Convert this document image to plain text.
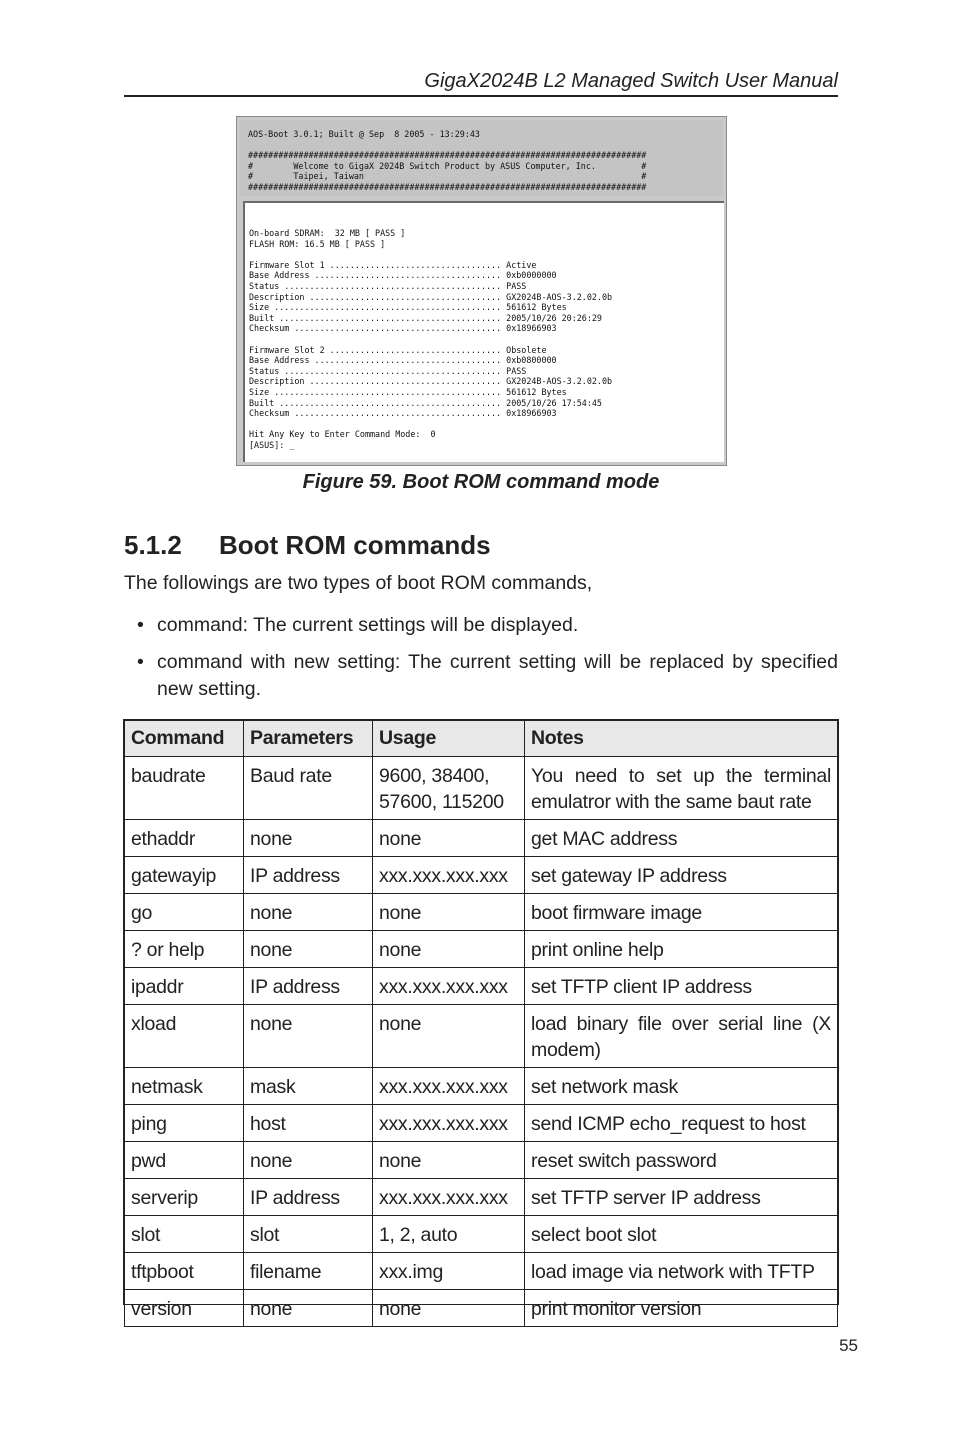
GigaX2024B L2 Managed Switch User Manual
AOS-Boot 3.0.1; Built @ Sep  8 2005 - 13:29:43

###############################################################################
#        Welcome to GigaX 2024B Switch Product by ASUS Computer, Inc.         #
#        Taipei, Taiwan                                                       #
###############################################################################
On-board SDRAM:  32 MB [ PASS ]
FLASH ROM: 16.5 MB [ PASS ]

Firmware Slot 1 .................................. Active
Base Address ..................................... 0xb0000000
Status ........................................... PASS
Description ...................................... GX2024B-AOS-3.2.02.0b
Size ............................................. 561612 Bytes
Built ............................................ 2005/10/26 20:26:29
Checksum ......................................... 0x18966903

Firmware Slot 2 .................................. Obsolete
Base Address ..................................... 0xb0800000
Status ........................................... PASS
Description ...................................... GX2024B-AOS-3.2.02.0b
Size ............................................. 561612 Bytes
Built ............................................ 2005/10/26 17:54:45
Checksum ......................................... 0x18966903

Hit Any Key to Enter Command Mode:  0
[ASUS]: _
Figure 59. Boot ROM command mode
5.1.2 Boot ROM commands
The followings are two types of boot ROM commands,
• command: The current settings will be displayed.
• command with new setting: The current setting will be replaced by specified new setting.
Command	Parameters	Usage	Notes
baudrate	Baud rate	9600, 38400, 57600, 115200	You need to set up the terminal emulatror with the same baut rate
ethaddr	none	none	get MAC address
gatewayip	IP address	xxx.xxx.xxx.xxx	set gateway IP address
go	none	none	boot firmware image
? or help	none	none	print online help
ipaddr	IP address	xxx.xxx.xxx.xxx	set TFTP client IP address
xload	none	none	load binary file over serial line (X modem)
netmask	mask	xxx.xxx.xxx.xxx	set network mask
ping	host	xxx.xxx.xxx.xxx	send ICMP echo_request to host
pwd	none	none	reset switch password
serverip	IP address	xxx.xxx.xxx.xxx	set TFTP server IP address
slot	slot	1, 2, auto	select boot slot
tftpboot	filename	xxx.img	load image via network with TFTP
version	none	none	print monitor version
55
